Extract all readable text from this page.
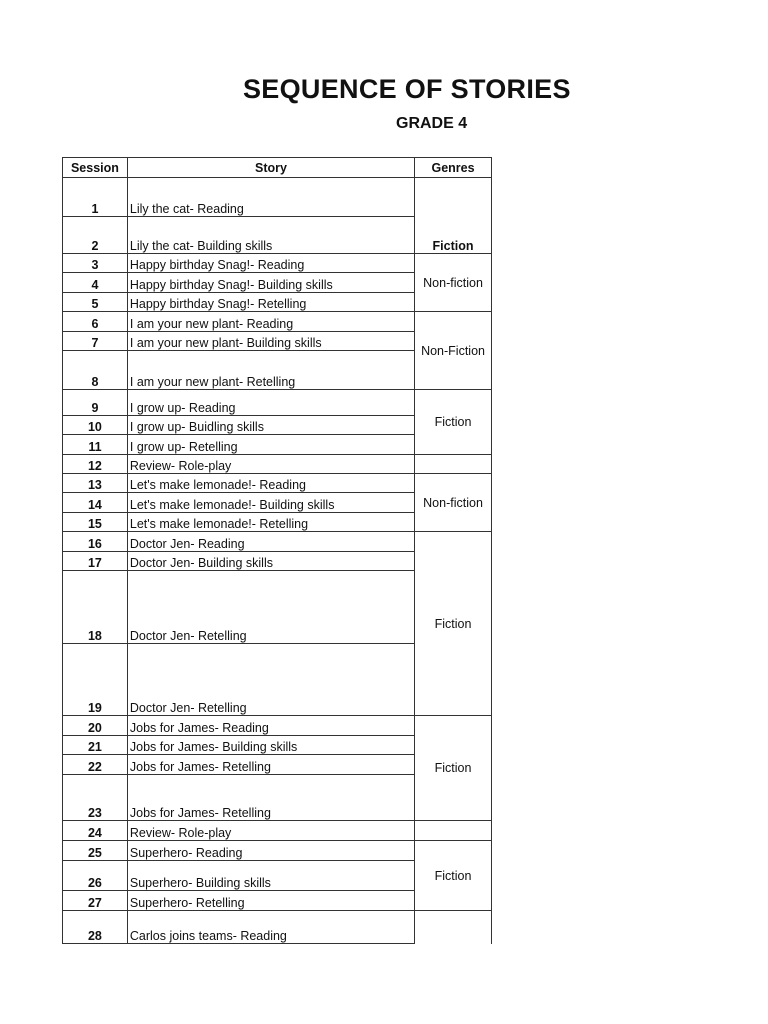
SEQUENCE OF STORIES
GRADE 4
Session	Story	Genres
1	Lily the cat- Reading	Fiction
2	Lily the cat- Building skills	
3	Happy birthday Snag!- Reading	Non-fiction
4	Happy birthday Snag!- Building skills	
5	Happy birthday Snag!- Retelling	
6	I am your new plant- Reading	Non-Fiction
7	I am your new plant- Building skills	
8	I am your new plant- Retelling	
9	I grow up- Reading	Fiction
10	I grow up- Buidling skills	
11	I grow up- Retelling	
12	Review- Role-play	
13	Let's make lemonade!- Reading	Non-fiction
14	Let's make lemonade!- Building skills	
15	Let's make lemonade!- Retelling	
16	Doctor Jen- Reading	Fiction
17	Doctor Jen- Building skills	
18	Doctor Jen- Retelling	
19	Doctor Jen- Retelling	
20	Jobs for James- Reading	Fiction
21	Jobs for James- Building skills	
22	Jobs for James- Retelling	
23	Jobs for James- Retelling	
24	Review- Role-play	
25	Superhero- Reading	Fiction
26	Superhero- Building skills	
27	Superhero- Retelling	
28	Carlos joins teams- Reading	
